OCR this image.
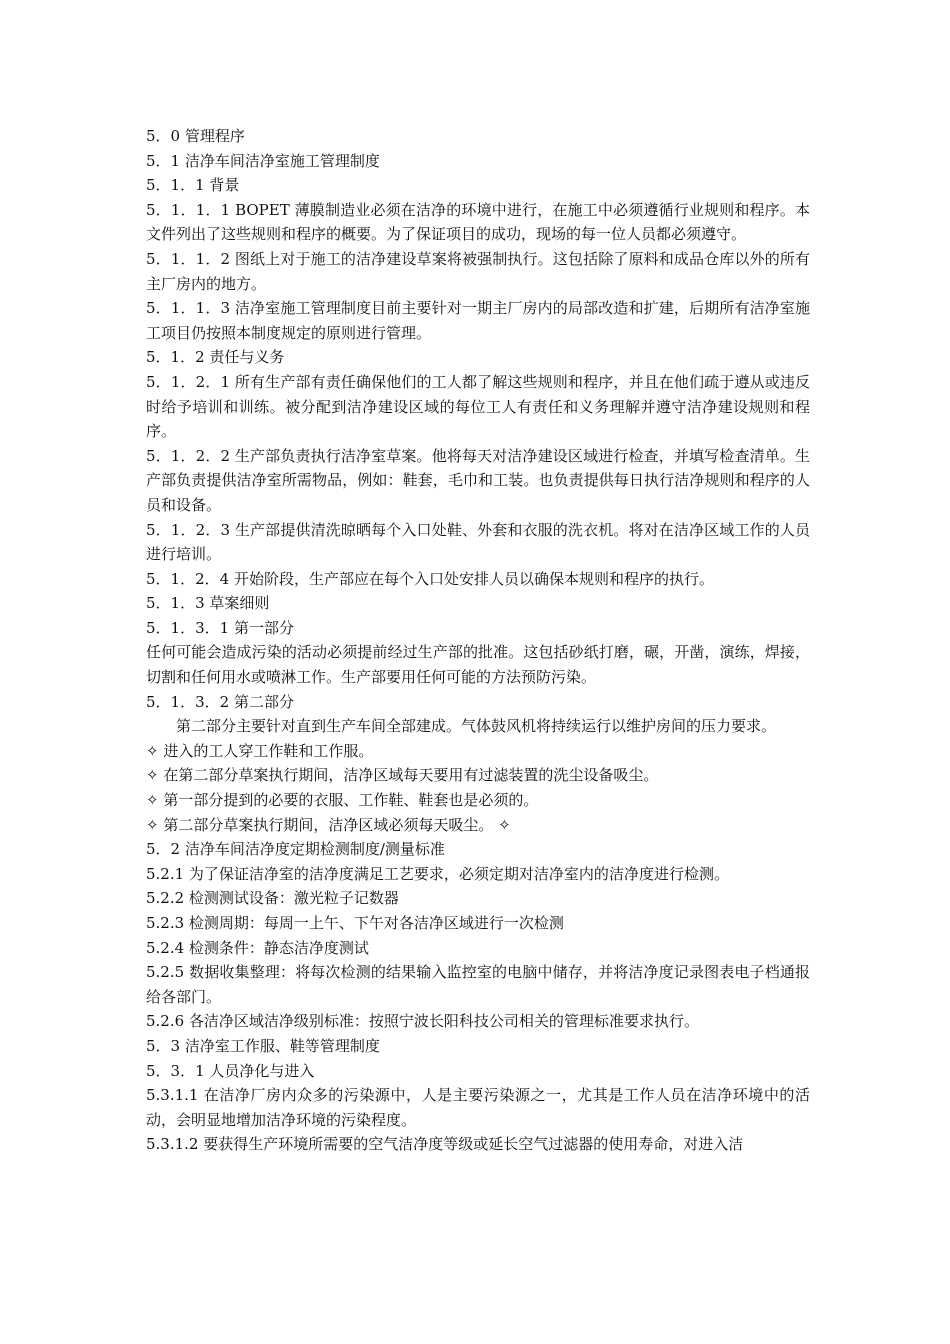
5．0 管理程序

5．1 洁净车间洁净室施工管理制度

5．1．1 背景

5．1．1．1 BOPET 薄膜制造业必须在洁净的环境中进行，在施工中必须遵循行业规则和程序。本文件列出了这些规则和程序的概要。为了保证项目的成功，现场的每一位人员都必须遵守。

5．1．1．2 图纸上对于施工的洁净建设草案将被强制执行。这包括除了原料和成品仓库以外的所有主厂房内的地方。

5．1．1．3 洁净室施工管理制度目前主要针对一期主厂房内的局部改造和扩建，后期所有洁净室施工项目仍按照本制度规定的原则进行管理。

5．1．2 责任与义务

5．1．2．1 所有生产部有责任确保他们的工人都了解这些规则和程序，并且在他们疏于遵从或违反时给予培训和训练。被分配到洁净建设区域的每位工人有责任和义务理解并遵守洁净建设规则和程序。

5．1．2．2 生产部负责执行洁净室草案。他将每天对洁净建设区域进行检查，并填写检查清单。生产部负责提供洁净室所需物品，例如：鞋套，毛巾和工装。也负责提供每日执行洁净规则和程序的人员和设备。

5．1．2．3 生产部提供清洗晾晒每个入口处鞋、外套和衣服的洗衣机。将对在洁净区域工作的人员进行培训。

5．1．2．4 开始阶段，生产部应在每个入口处安排人员以确保本规则和程序的执行。

5．1．3 草案细则

5．1．3．1 第一部分

任何可能会造成污染的活动必须提前经过生产部的批准。这包括砂纸打磨，碾，开凿，演练，焊接，切割和任何用水或喷淋工作。生产部要用任何可能的方法预防污染。

5．1．3．2 第二部分

第二部分主要针对直到生产车间全部建成。气体鼓风机将持续运行以维护房间的压力要求。

✧ 进入的工人穿工作鞋和工作服。

✧ 在第二部分草案执行期间，洁净区域每天要用有过滤装置的洗尘设备吸尘。

✧ 第一部分提到的必要的衣服、工作鞋、鞋套也是必须的。

✧ 第二部分草案执行期间，洁净区域必须每天吸尘。 ✧

5．2 洁净车间洁净度定期检测制度/测量标准

5.2.1 为了保证洁净室的洁净度满足工艺要求，必须定期对洁净室内的洁净度进行检测。

5.2.2 检测测试设备：激光粒子记数器

5.2.3 检测周期：每周一上午、下午对各洁净区域进行一次检测

5.2.4 检测条件：静态洁净度测试

5.2.5 数据收集整理：将每次检测的结果输入监控室的电脑中储存，并将洁净度记录图表电子档通报给各部门。

5.2.6 各洁净区域洁净级别标准：按照宁波长阳科技公司相关的管理标准要求执行。

5．3 洁净室工作服、鞋等管理制度

5．3．1 人员净化与进入

5.3.1.1 在洁净厂房内众多的污染源中，人是主要污染源之一，尤其是工作人员在洁净环境中的活动，会明显地增加洁净环境的污染程度。

5.3.1.2 要获得生产环境所需要的空气洁净度等级或延长空气过滤器的使用寿命，对进入洁
